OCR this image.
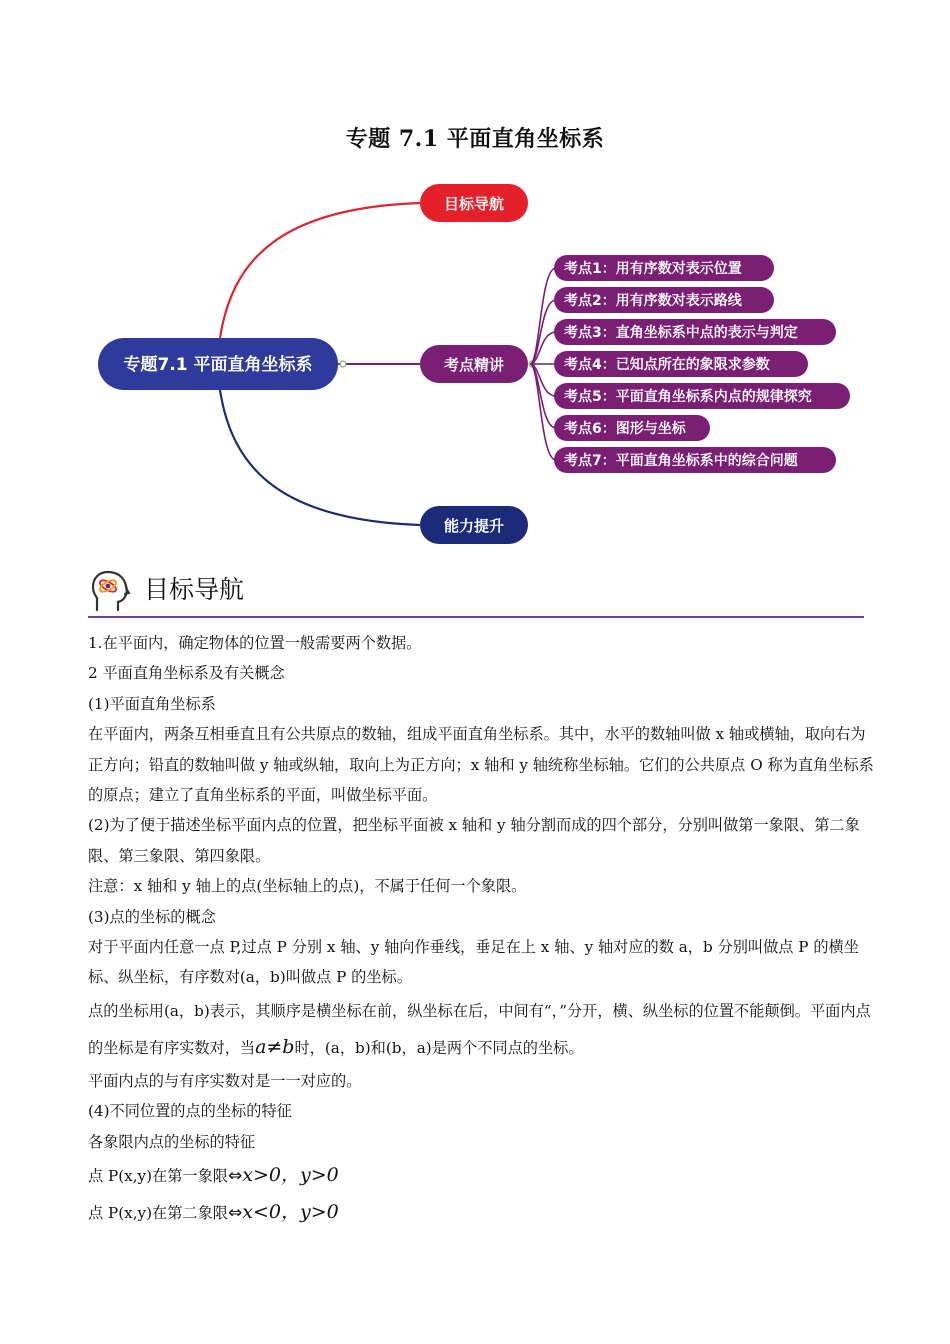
专题 7.1 平面直角坐标系
专题7.1 平面直角坐标系
目标导航
考点精讲
能力提升
考点1：用有序数对表示位置
考点2：用有序数对表示路线
考点3：直角坐标系中点的表示与判定
考点4：已知点所在的象限求参数
考点5：平面直角坐标系内点的规律探究
考点6：图形与坐标
考点7：平面直角坐标系中的综合问题
目标导航

1.在平面内，确定物体的位置一般需要两个数据。

2 平面直角坐标系及有关概念

(1)平面直角坐标系

在平面内，两条互相垂直且有公共原点的数轴，组成平面直角坐标系。其中，水平的数轴叫做 x 轴或横轴，取向右为正方向；铅直的数轴叫做 y 轴或纵轴，取向上为正方向；x 轴和 y 轴统称坐标轴。它们的公共原点 O 称为直角坐标系的原点；建立了直角坐标系的平面，叫做坐标平面。

(2)为了便于描述坐标平面内点的位置，把坐标平面被 x 轴和 y 轴分割而成的四个部分，分别叫做第一象限、第二象限、第三象限、第四象限。

注意：x 轴和 y 轴上的点(坐标轴上的点)，不属于任何一个象限。

(3)点的坐标的概念

对于平面内任意一点 P,过点 P 分别 x 轴、y 轴向作垂线，垂足在上 x 轴、y 轴对应的数 a，b 分别叫做点 P 的横坐标、纵坐标，有序数对(a，b)叫做点 P 的坐标。

点的坐标用(a，b)表示，其顺序是横坐标在前，纵坐标在后，中间有“，”分开，横、纵坐标的位置不能颠倒。平面内点的坐标是有序实数对，当a≠b时，(a，b)和(b，a)是两个不同点的坐标。

平面内点的与有序实数对是一一对应的。

(4)不同位置的点的坐标的特征

各象限内点的坐标的特征

点 P(x,y)在第一象限⇔x>0，y>0

点 P(x,y)在第二象限⇔x<0，y>0
